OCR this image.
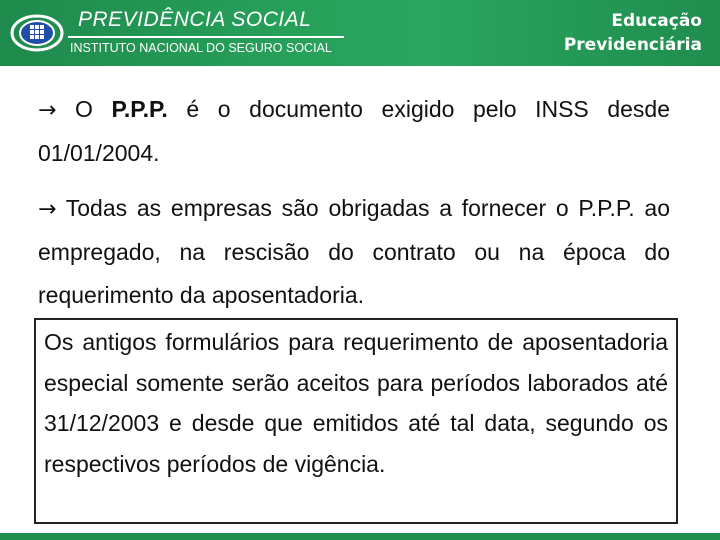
PREVIDÊNCIA SOCIAL
INSTITUTO NACIONAL DO SEGURO SOCIAL
Educação
Previdenciária
→ O P.P.P. é o documento exigido pelo INSS desde 01/01/2004.
→ Todas as empresas são obrigadas a fornecer o P.P.P. ao empregado, na rescisão do contrato ou na época do requerimento da aposentadoria.
Os antigos formulários para requerimento de aposentadoria especial somente serão aceitos para períodos laborados até 31/12/2003 e desde que emitidos até tal data, segundo os respectivos períodos de vigência.
